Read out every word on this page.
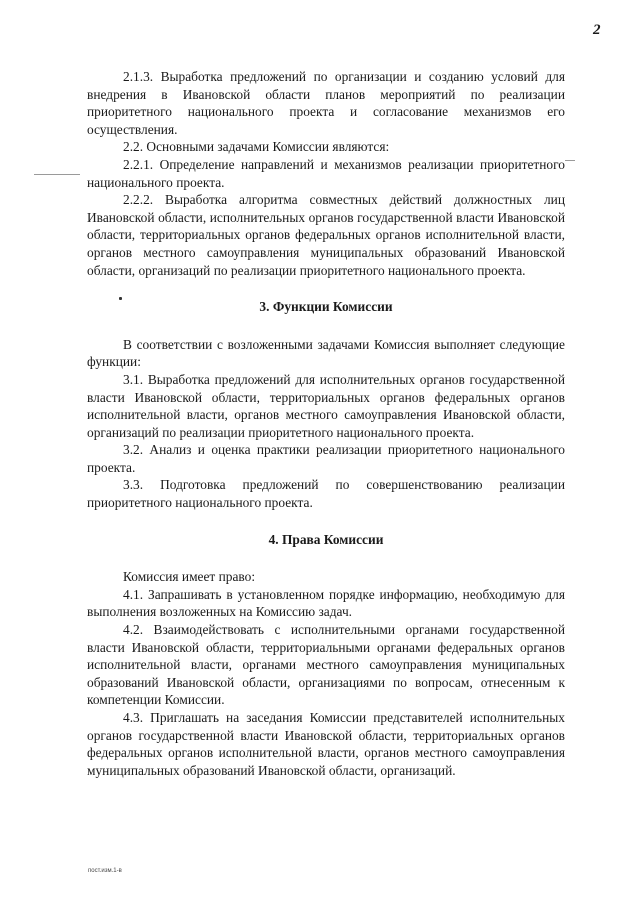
2

2.1.3. Выработка предложений по организации и созданию условий для внедрения в Ивановской области планов мероприятий по реализации приоритетного национального проекта и согласование механизмов его осуществления.

2.2. Основными задачами Комиссии являются:

2.2.1. Определение направлений и механизмов реализации приоритетного национального проекта.

2.2.2. Выработка алгоритма совместных действий должностных лиц Ивановской области, исполнительных органов государственной власти Ивановской области, территориальных органов федеральных органов исполнительной власти, органов местного самоуправления муниципальных образований Ивановской области, организаций по реализации приоритетного национального проекта.

3. Функции Комиссии

В соответствии с возложенными задачами Комиссия выполняет следующие функции:

3.1. Выработка предложений для исполнительных органов государственной власти Ивановской области, территориальных органов федеральных органов исполнительной власти, органов местного самоуправления Ивановской области, организаций по реализации приоритетного национального проекта.

3.2. Анализ и оценка практики реализации приоритетного национального проекта.

3.3. Подготовка предложений по совершенствованию реализации приоритетного национального проекта.

4. Права Комиссии

Комиссия имеет право:

4.1. Запрашивать в установленном порядке информацию, необходимую для выполнения возложенных на Комиссию задач.

4.2. Взаимодействовать с исполнительными органами государственной власти Ивановской области, территориальными органами федеральных органов исполнительной власти, органами местного самоуправления муниципальных образований Ивановской области, организациями по вопросам, отнесенным к компетенции Комиссии.

4.3. Приглашать на заседания Комиссии представителей исполнительных органов государственной власти Ивановской области, территориальных органов федеральных органов исполнительной власти, органов местного самоуправления муниципальных образований Ивановской области, организаций.

пост.изм.1-в
